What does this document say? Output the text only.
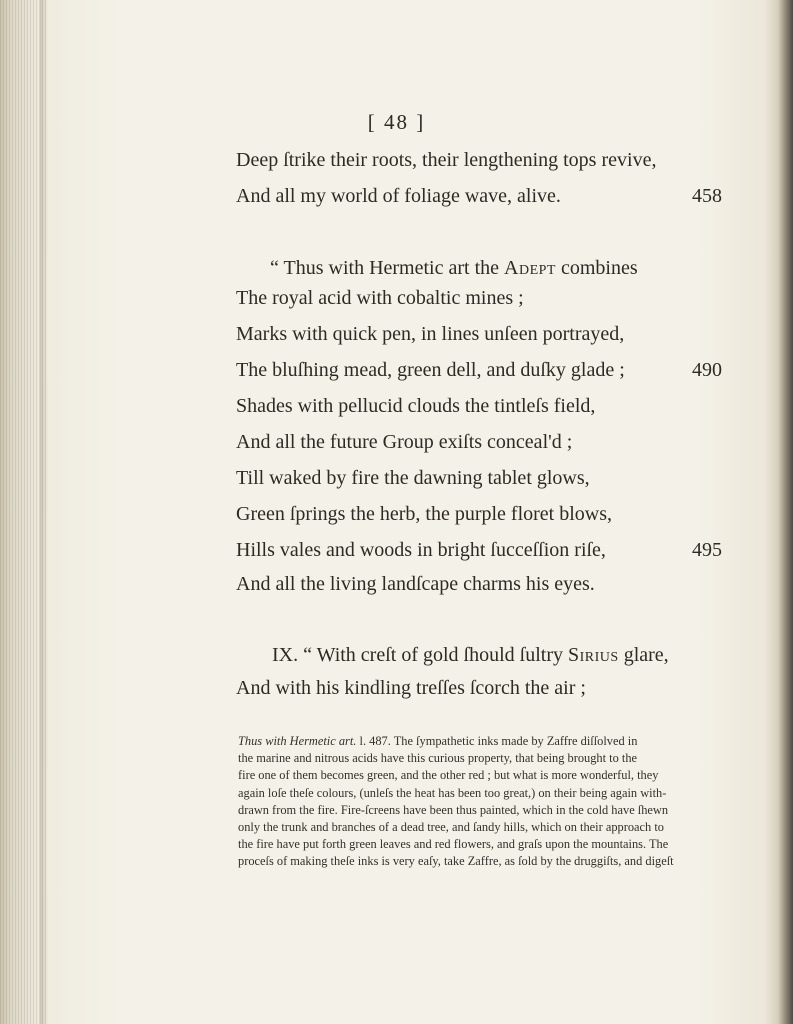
[ 48 ]
Deep ſtrike their roots, their lengthening tops revive,
And all my world of foliage wave, alive.	458
“ Thus with Hermetic art the Adept combines
The royal acid with cobaltic mines ;
Marks with quick pen, in lines unſeen portrayed,
The bluſhing mead, green dell, and duſky glade ;	490
Shades with pellucid clouds the tintleſs field,
And all the future Group exiſts conceal'd ;
Till waked by fire the dawning tablet glows,
Green ſprings the herb, the purple floret blows,
Hills vales and woods in bright ſucceſſion riſe,	495
And all the living landſcape charms his eyes.
IX. “ With creſt of gold ſhould ſultry Sirius glare,
And with his kindling treſſes ſcorch the air ;
Thus with Hermetic art. l. 487. The ſympathetic inks made by Zaffre diſſolved in
the marine and nitrous acids have this curious property, that being brought to the
fire one of them becomes green, and the other red ; but what is more wonderful, they
again loſe theſe colours, (unleſs the heat has been too great,) on their being again with-
drawn from the fire. Fire-ſcreens have been thus painted, which in the cold have ſhewn
only the trunk and branches of a dead tree, and ſandy hills, which on their approach to
the fire have put forth green leaves and red flowers, and graſs upon the mountains. The
proceſs of making theſe inks is very eaſy, take Zaffre, as ſold by the druggiſts, and digeſt
